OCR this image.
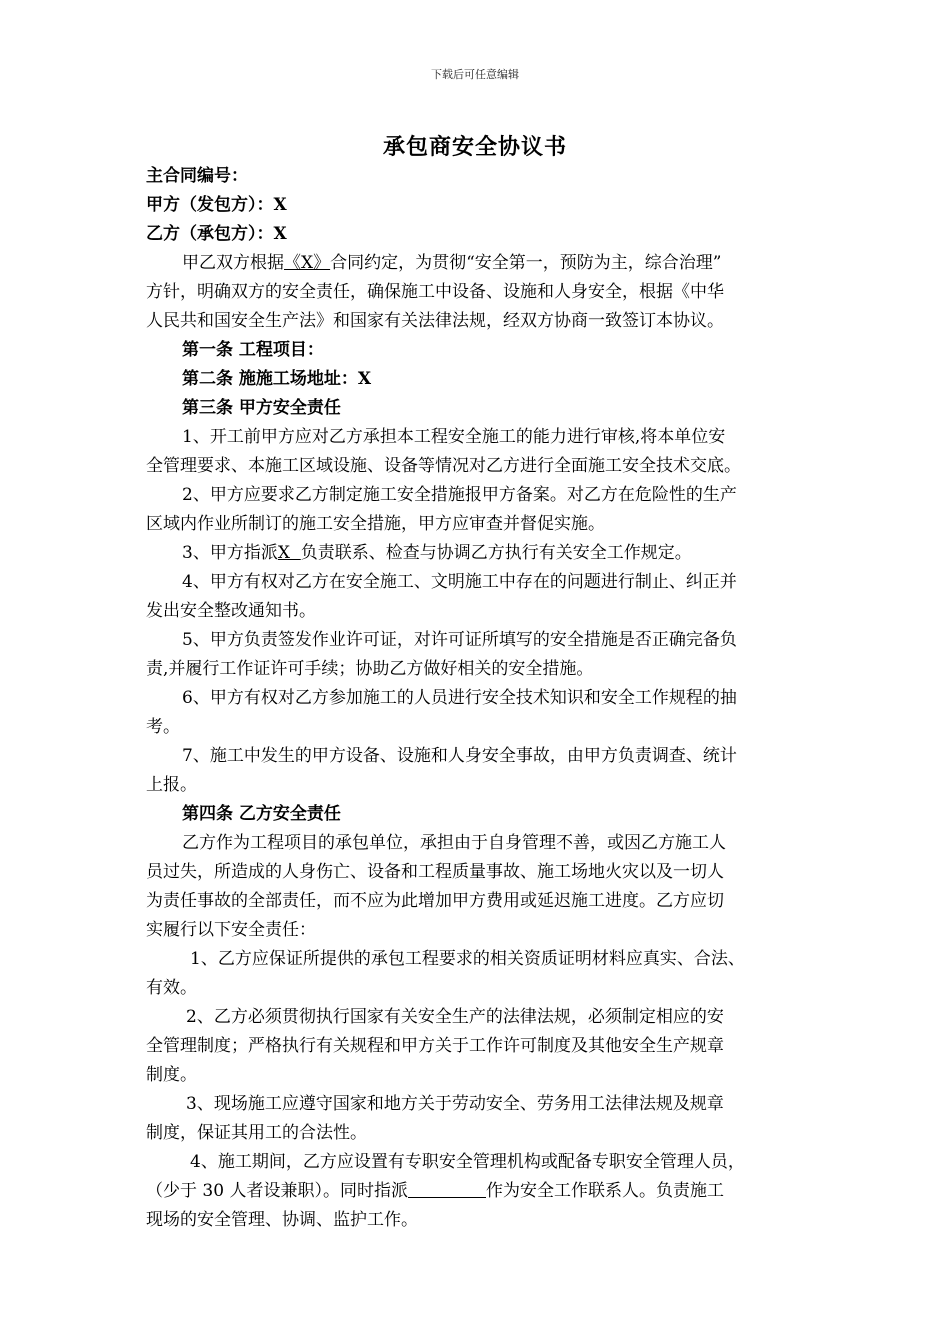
下载后可任意编辑
承包商安全协议书
主合同编号：
甲方（发包方）：X
乙方（承包方）：X
甲乙双方根据《X》合同约定，为贯彻“安全第一，预防为主，综合治理”
方针，明确双方的安全责任，确保施工中设备、设施和人身安全，根据《中华
人民共和国安全生产法》和国家有关法律法规，经双方协商一致签订本协议。
第一条 工程项目：
第二条 施施工场地址：X
第三条 甲方安全责任
1、开工前甲方应对乙方承担本工程安全施工的能力进行审核,将本单位安
全管理要求、本施工区域设施、设备等情况对乙方进行全面施工安全技术交底。
2、甲方应要求乙方制定施工安全措施报甲方备案。对乙方在危险性的生产
区域内作业所制订的施工安全措施，甲方应审查并督促实施。
3、甲方指派X  负责联系、检查与协调乙方执行有关安全工作规定。
4、甲方有权对乙方在安全施工、文明施工中存在的问题进行制止、纠正并
发出安全整改通知书。
5、甲方负责签发作业许可证，对许可证所填写的安全措施是否正确完备负
责,并履行工作证许可手续；协助乙方做好相关的安全措施。
6、甲方有权对乙方参加施工的人员进行安全技术知识和安全工作规程的抽
考。
7、施工中发生的甲方设备、设施和人身安全事故，由甲方负责调查、统计
上报。
第四条 乙方安全责任
乙方作为工程项目的承包单位，承担由于自身管理不善，或因乙方施工人
员过失，所造成的人身伤亡、设备和工程质量事故、施工场地火灾以及一切人
为责任事故的全部责任，而不应为此增加甲方费用或延迟施工进度。乙方应切
实履行以下安全责任：
1、乙方应保证所提供的承包工程要求的相关资质证明材料应真实、合法、
有效。
2、乙方必须贯彻执行国家有关安全生产的法律法规，必须制定相应的安
全管理制度；严格执行有关规程和甲方关于工作许可制度及其他安全生产规章
制度。
3、现场施工应遵守国家和地方关于劳动安全、劳务用工法律法规及规章
制度，保证其用工的合法性。
4、施工期间，乙方应设置有专职安全管理机构或配备专职安全管理人员，
（少于 30 人者设兼职）。同时指派	作为安全工作联系人。负责施工
现场的安全管理、协调、监护工作。
